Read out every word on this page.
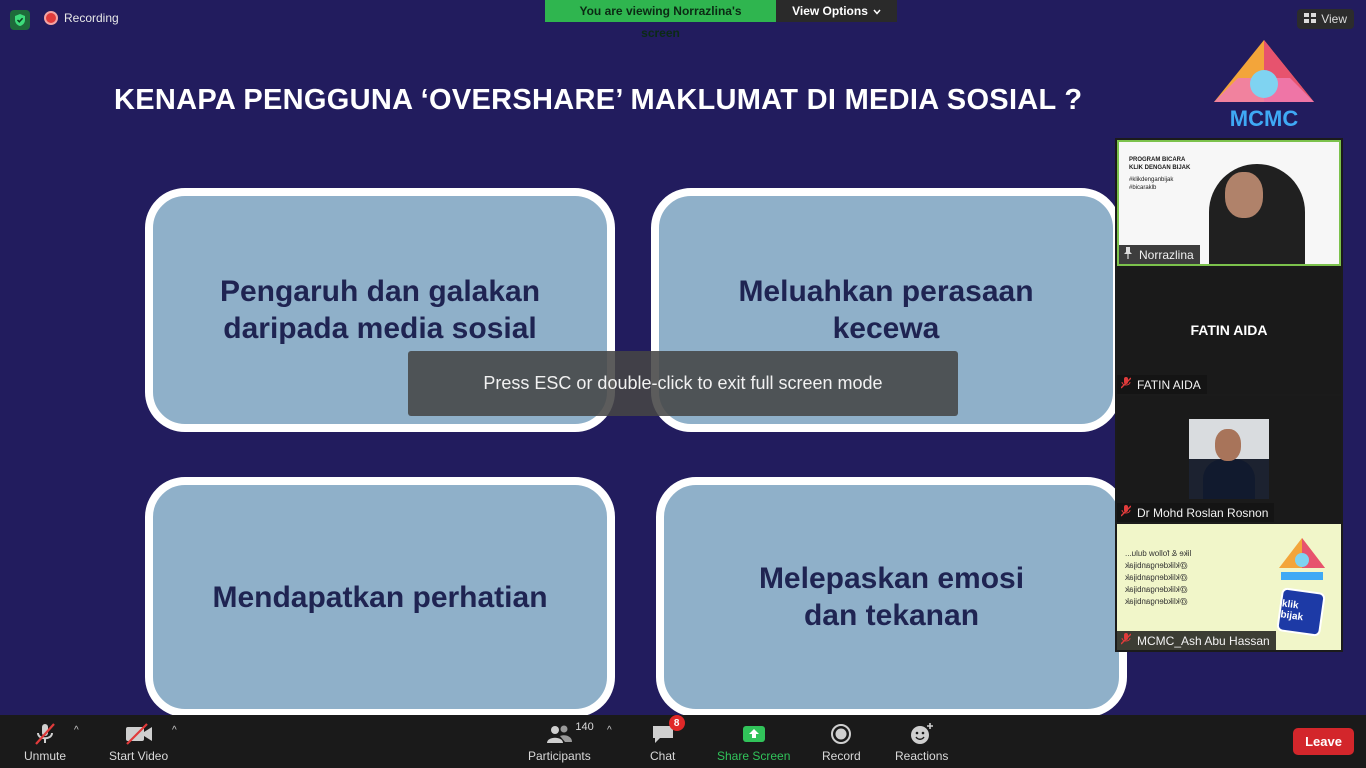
Recording	You are viewing Norrazlina's screen
View Options
View
KENAPA PENGGUNA ‘OVERSHARE’ MAKLUMAT DI MEDIA SOSIAL ?
MCMC
Pengaruh dan galakan
daripada media sosial
Meluahkan perasaan
kecewa
Mendapatkan perhatian
Melepaskan emosi
dan tekanan
Press ESC or double-click to exit full screen mode
PROGRAM BICARA
KLIK DENGAN BIJAK
#klikdenganbijak
#bicaraklb
Norrazlina
FATIN AIDA
FATIN AIDA
Dr Mohd Roslan Rosnon
like & follow dulu...
@klikdenganbijak
@klikdenganbijak
@klikdenganbijak
@klikdenganbijak	klik bijak
MCMC_Ash Abu Hassan
Unmute
^
Start Video
^	140
Participants
^
8
Chat	Share Screen	Record	Reactions
Leave
